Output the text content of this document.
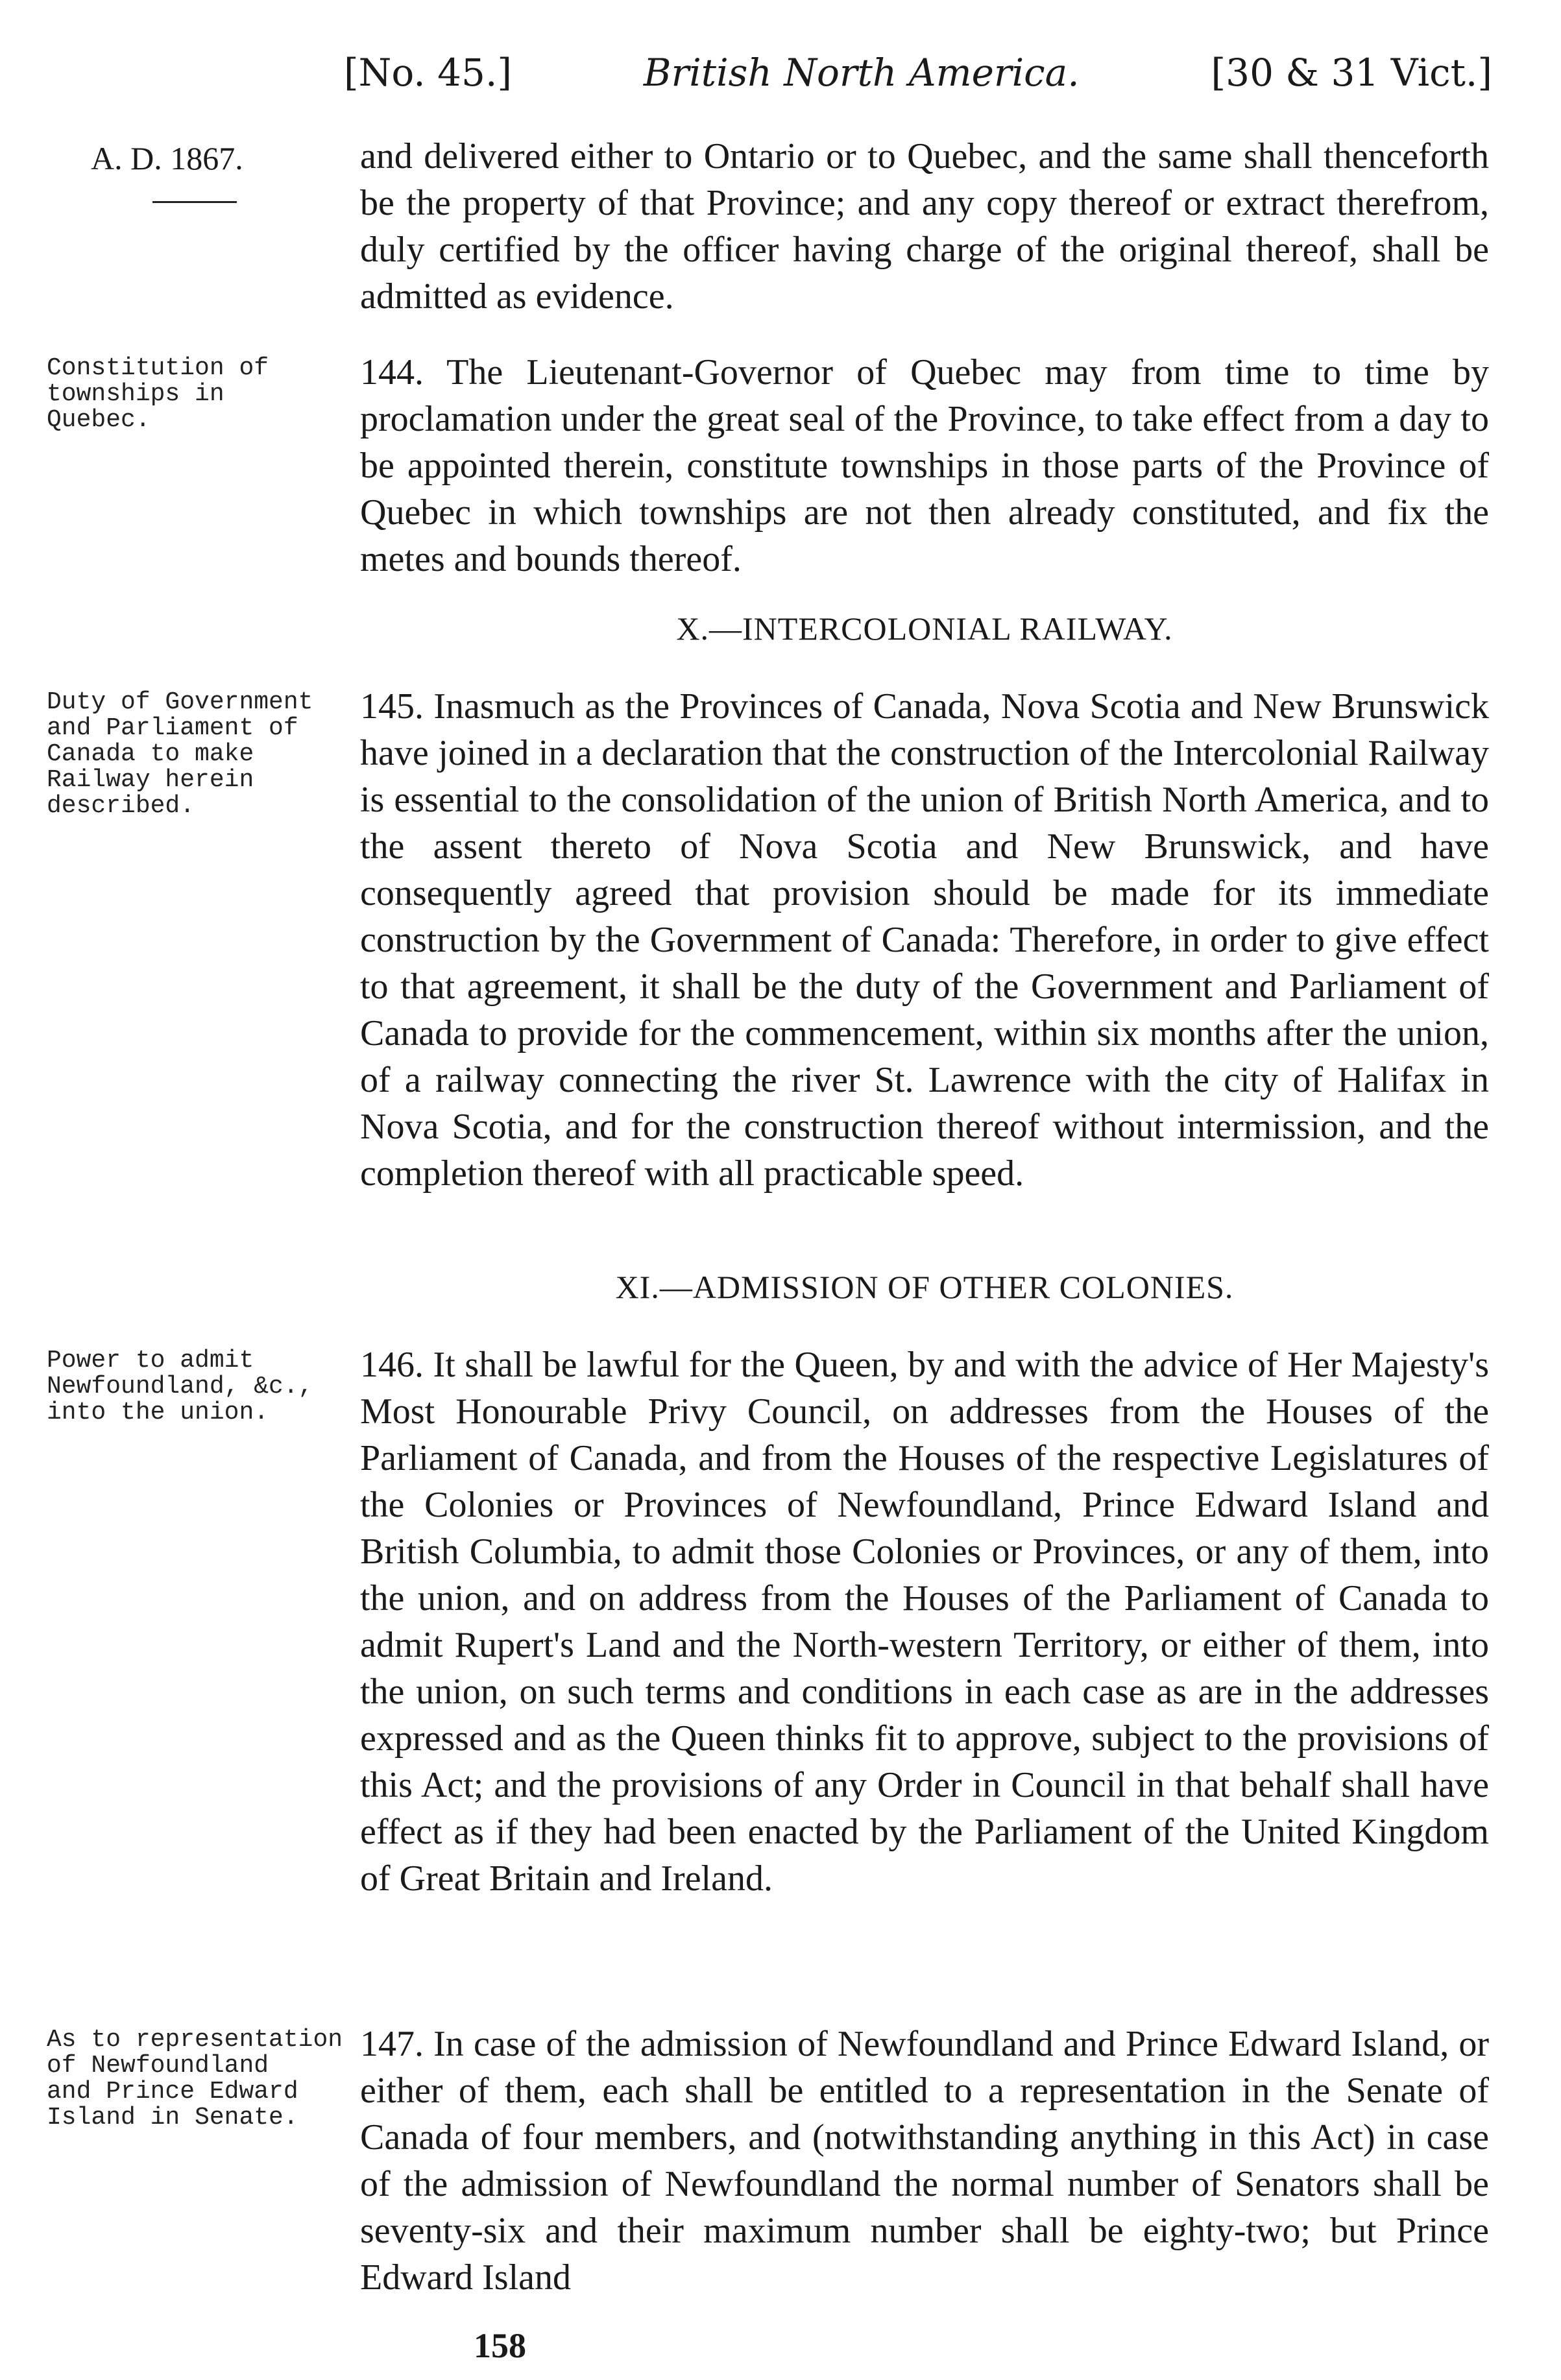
[No. 45.]	British North America.	[30 & 31 Vict.]
A. D. 1867.
Constitution of
townships in
Quebec.
Duty of Government
and Parliament of
Canada to make
Railway herein
described.
Power to admit
Newfoundland, &c.,
into the union.
As to representation
of Newfoundland
and Prince Edward
Island in Senate.
and delivered either to Ontario or to Quebec, and the same shall thenceforth be the property of that Province; and any copy thereof or extract therefrom, duly certified by the officer having charge of the original thereof, shall be admitted as evidence.
144. The Lieutenant-Governor of Quebec may from time to time by proclamation under the great seal of the Province, to take effect from a day to be appointed therein, constitute townships in those parts of the Province of Quebec in which townships are not then already constituted, and fix the metes and bounds thereof.
X.—INTERCOLONIAL RAILWAY.
145. Inasmuch as the Provinces of Canada, Nova Scotia and New Brunswick have joined in a declaration that the construction of the Intercolonial Railway is essential to the consolidation of the union of British North America, and to the assent thereto of Nova Scotia and New Brunswick, and have consequently agreed that provision should be made for its immediate construction by the Government of Canada: Therefore, in order to give effect to that agreement, it shall be the duty of the Government and Parliament of Canada to provide for the commencement, within six months after the union, of a railway connecting the river St. Lawrence with the city of Halifax in Nova Scotia, and for the construction thereof without intermission, and the completion thereof with all practicable speed.
XI.—ADMISSION OF OTHER COLONIES.
146. It shall be lawful for the Queen, by and with the advice of Her Majesty's Most Honourable Privy Council, on addresses from the Houses of the Parliament of Canada, and from the Houses of the respective Legislatures of the Colonies or Provinces of Newfoundland, Prince Edward Island and British Columbia, to admit those Colonies or Provinces, or any of them, into the union, and on address from the Houses of the Parliament of Canada to admit Rupert's Land and the North-western Territory, or either of them, into the union, on such terms and conditions in each case as are in the addresses expressed and as the Queen thinks fit to approve, subject to the provisions of this Act; and the provisions of any Order in Council in that behalf shall have effect as if they had been enacted by the Parliament of the United Kingdom of Great Britain and Ireland.
147. In case of the admission of Newfoundland and Prince Edward Island, or either of them, each shall be entitled to a representation in the Senate of Canada of four members, and (notwithstanding anything in this Act) in case of the admission of Newfoundland the normal number of Senators shall be seventy-six and their maximum number shall be eighty-two; but Prince Edward Island
158
